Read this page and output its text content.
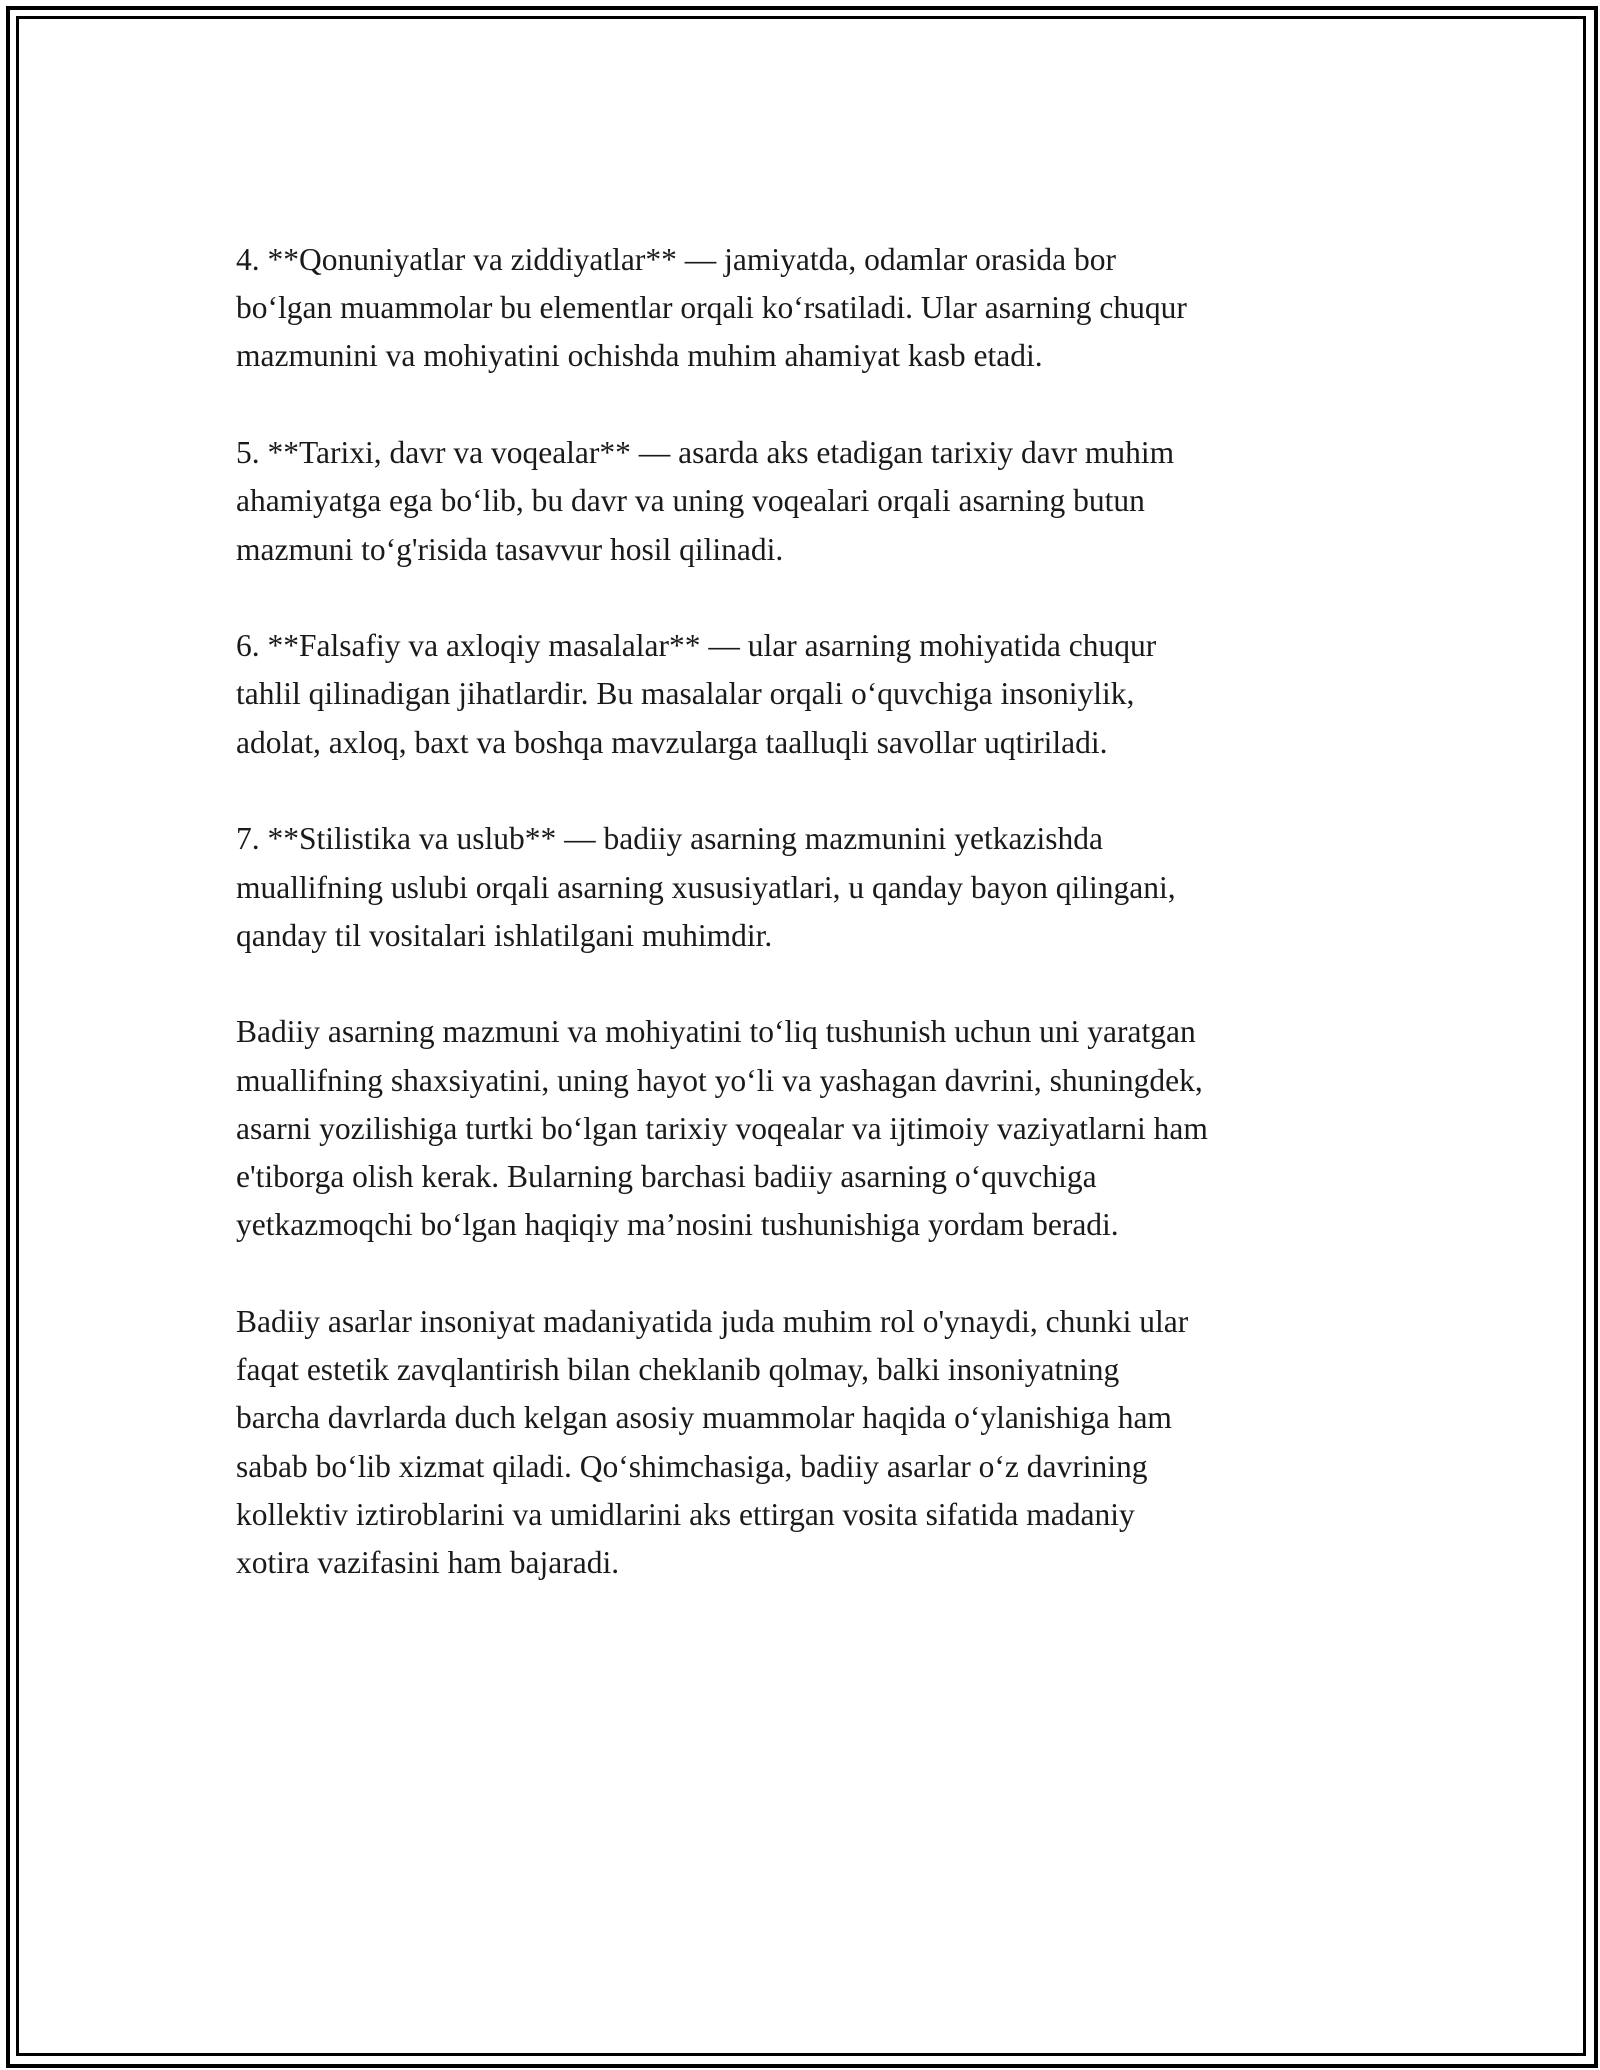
4. **Qonuniyatlar va ziddiyatlar** — jamiyatda, odamlar orasida bor
bo‘lgan muammolar bu elementlar orqali ko‘rsatiladi. Ular asarning chuqur
mazmunini va mohiyatini ochishda muhim ahamiyat kasb etadi.

5. **Tarixi, davr va voqealar** — asarda aks etadigan tarixiy davr muhim
ahamiyatga ega bo‘lib, bu davr va uning voqealari orqali asarning butun
mazmuni to‘g'risida tasavvur hosil qilinadi.

6. **Falsafiy va axloqiy masalalar** — ular asarning mohiyatida chuqur
tahlil qilinadigan jihatlardir. Bu masalalar orqali o‘quvchiga insoniylik,
adolat, axloq, baxt va boshqa mavzularga taalluqli savollar uqtiriladi.

7. **Stilistika va uslub** — badiiy asarning mazmunini yetkazishda
muallifning uslubi orqali asarning xususiyatlari, u qanday bayon qilingani,
qanday til vositalari ishlatilgani muhimdir.

Badiiy asarning mazmuni va mohiyatini to‘liq tushunish uchun uni yaratgan
muallifning shaxsiyatini, uning hayot yo‘li va yashagan davrini, shuningdek,
asarni yozilishiga turtki bo‘lgan tarixiy voqealar va ijtimoiy vaziyatlarni ham
e'tiborga olish kerak. Bularning barchasi badiiy asarning o‘quvchiga
yetkazmoqchi bo‘lgan haqiqiy ma’nosini tushunishiga yordam beradi.

Badiiy asarlar insoniyat madaniyatida juda muhim rol o'ynaydi, chunki ular
faqat estetik zavqlantirish bilan cheklanib qolmay, balki insoniyatning
barcha davrlarda duch kelgan asosiy muammolar haqida o‘ylanishiga ham
sabab bo‘lib xizmat qiladi. Qo‘shimchasiga, badiiy asarlar o‘z davrining
kollektiv iztiroblarini va umidlarini aks ettirgan vosita sifatida madaniy
xotira vazifasini ham bajaradi.
